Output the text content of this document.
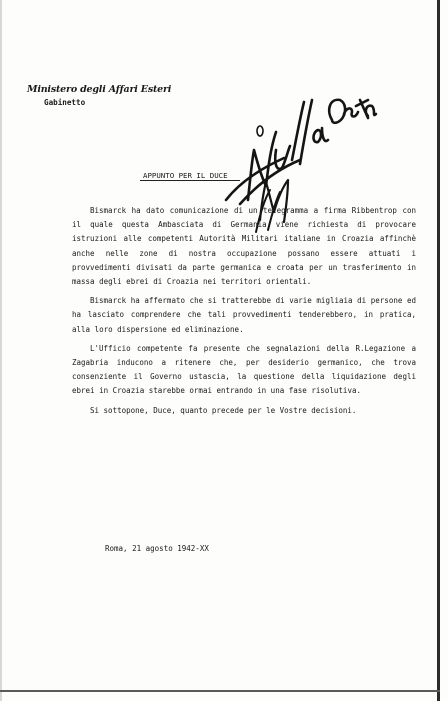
Ministero degli Affari Esteri
Gabinetto
APPUNTO PER IL DUCE

Bismarck ha dato comunicazione di un telegramma a firma Ribbentrop con il quale questa Ambasciata di Germania viene richiesta di provocare istruzioni alle competenti Autorità Militari italiane in Croazia affinchè anche nelle zone di nostra occupazione possano essere attuati i provvedimenti divisati da parte germanica e croata per un trasferimento in massa degli ebrei di Croazia nei territori orientali.

Bismarck ha affermato che si tratterebbe di varie migliaia di persone ed ha lasciato comprendere che tali provvedimenti tenderebbero, in pratica, alla loro dispersione ed eliminazione.

L'Ufficio competente fa presente che segnalazioni della R.Legazione a Zagabria inducono a ritenere che, per desiderio germanico, che trova consenziente il Governo ustascia, la questione della liquidazione degli ebrei in Croazia starebbe ormai entrando in una fase risolutiva.

Si sottopone, Duce, quanto precede per le Vostre decisioni.

Roma, 21 agosto 1942-XX
